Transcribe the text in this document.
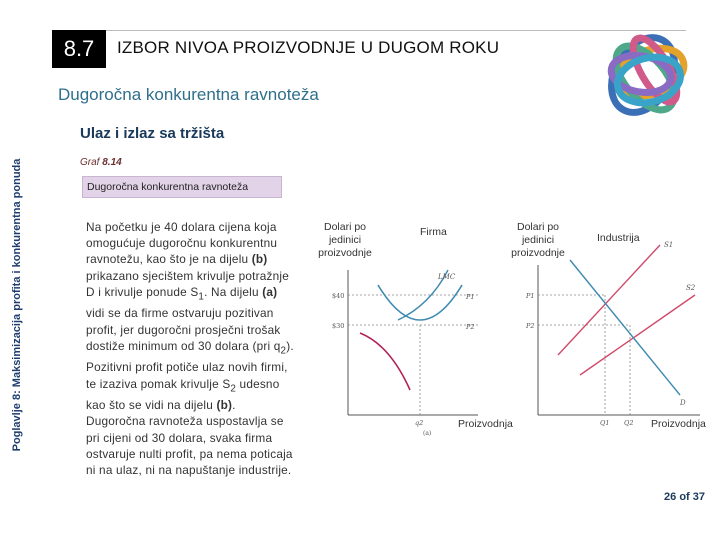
8.7	IZBOR NIVOA PROIZVODNJE U DUGOM ROKU
Dugoročna konkurentna ravnoteža
Poglavlje 8: Maksimizacija profita i konkurentna ponuda
Ulaz i izlaz sa tržišta
Graf 8.14
Dugoročna konkurentna ravnoteža
Na početku je 40 dolara cijena koja omogućuje dugoročnu konkurentnu ravnotežu, kao što je na dijelu (b) prikazano sjecištem krivulje potražnje D i krivulje ponude $S_1$. Na dijelu (a) vidi se da firme ostvaruju pozitivan profit, jer dugoročni prosječni trošak dostiže minimum od 30 dolara (pri $q_2$). Pozitivni profit potiče ulaz novih firmi, te izaziva pomak krivulje $S_2$ udesno kao što se vidi na dijelu (b). Dugoročna ravnoteža uspostavlja se pri cijeni od 30 dolara, svaka firma ostvaruje nulti profit, pa nema poticaja ni na ulaz, ni na napuštanje industrije.
Dolari po jedinici proizvodnje
Firma
Proizvodnja
LMC
$40
$30
P1
P2
q2
(a)
Dolari po jedinici proizvodnje
Industrija
Proizvodnja
S1
S2
D
P1
P2
Q1 Q2
26 of 37
